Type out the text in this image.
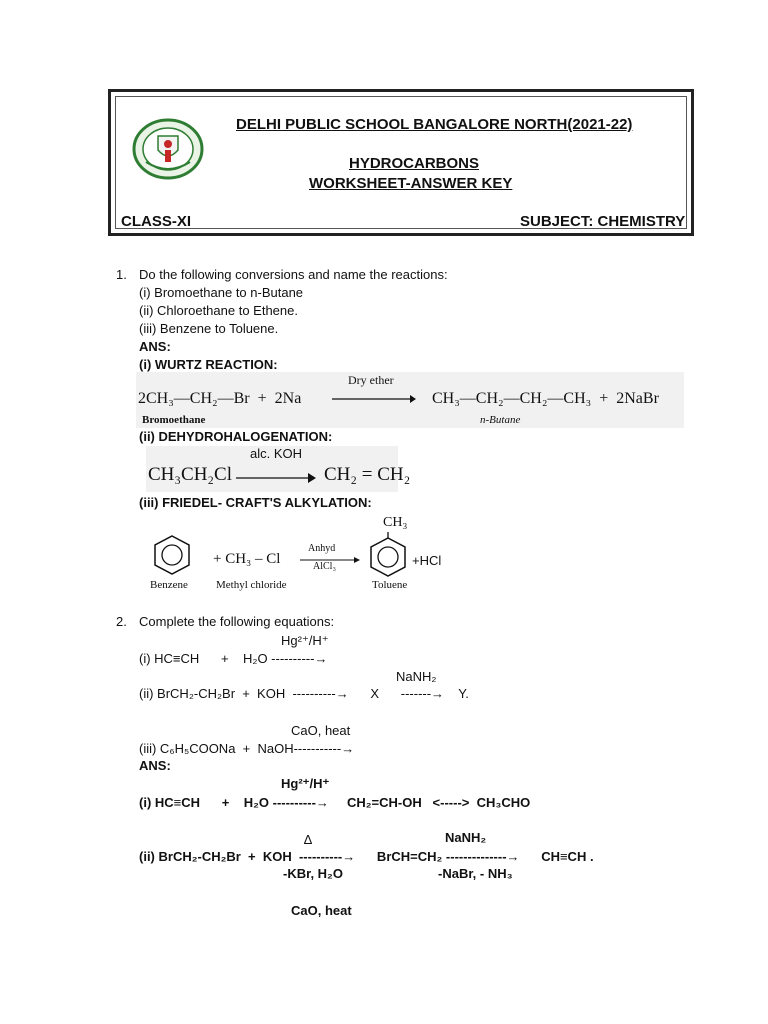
DELHI PUBLIC SCHOOL BANGALORE NORTH(2021-22)
HYDROCARBONS
WORKSHEET-ANSWER KEY
CLASS-XI	SUBJECT: CHEMISTRY
1. Do the following conversions and name the reactions:
(i) Bromoethane to n-Butane
(ii) Chloroethane to Ethene.
(iii) Benzene to Toluene.
ANS:
(i) WURTZ REACTION:
Dry ether
2CH₃—CH₂—Br  +  2Na	CH₃—CH₂—CH₂—CH₃  +  2NaBr
Bromoethane	n-Butane
(ii) DEHYDROHALOGENATION:
alc. KOH
CH₃CH₂Cl	CH₂ = CH₂
(iii) FRIEDEL- CRAFT'S ALKYLATION:
+ CH₃ – Cl
Anhyd
AlCl₃
CH₃
+HCl
Benzene	Methyl chloride	Toluene
2. Complete the following equations:
Hg²⁺/H⁺
(i) HC≡CH      +    H₂O ----------→
NaNH₂
(ii) BrCH₂-CH₂Br  +  KOH  ----------→      X      -------→    Y.
CaO, heat
(iii) C₆H₅COONa  +  NaOH-----------→
ANS:
Hg²⁺/H⁺
(i) HC≡CH      +    H₂O ----------→     CH₂=CH-OH   <----->  CH₃CHO
∆	NaNH₂
(ii) BrCH₂-CH₂Br  +  KOH  ----------→      BrCH=CH₂ --------------→      CH≡CH .
-KBr, H₂O	-NaBr, - NH₃
CaO, heat
